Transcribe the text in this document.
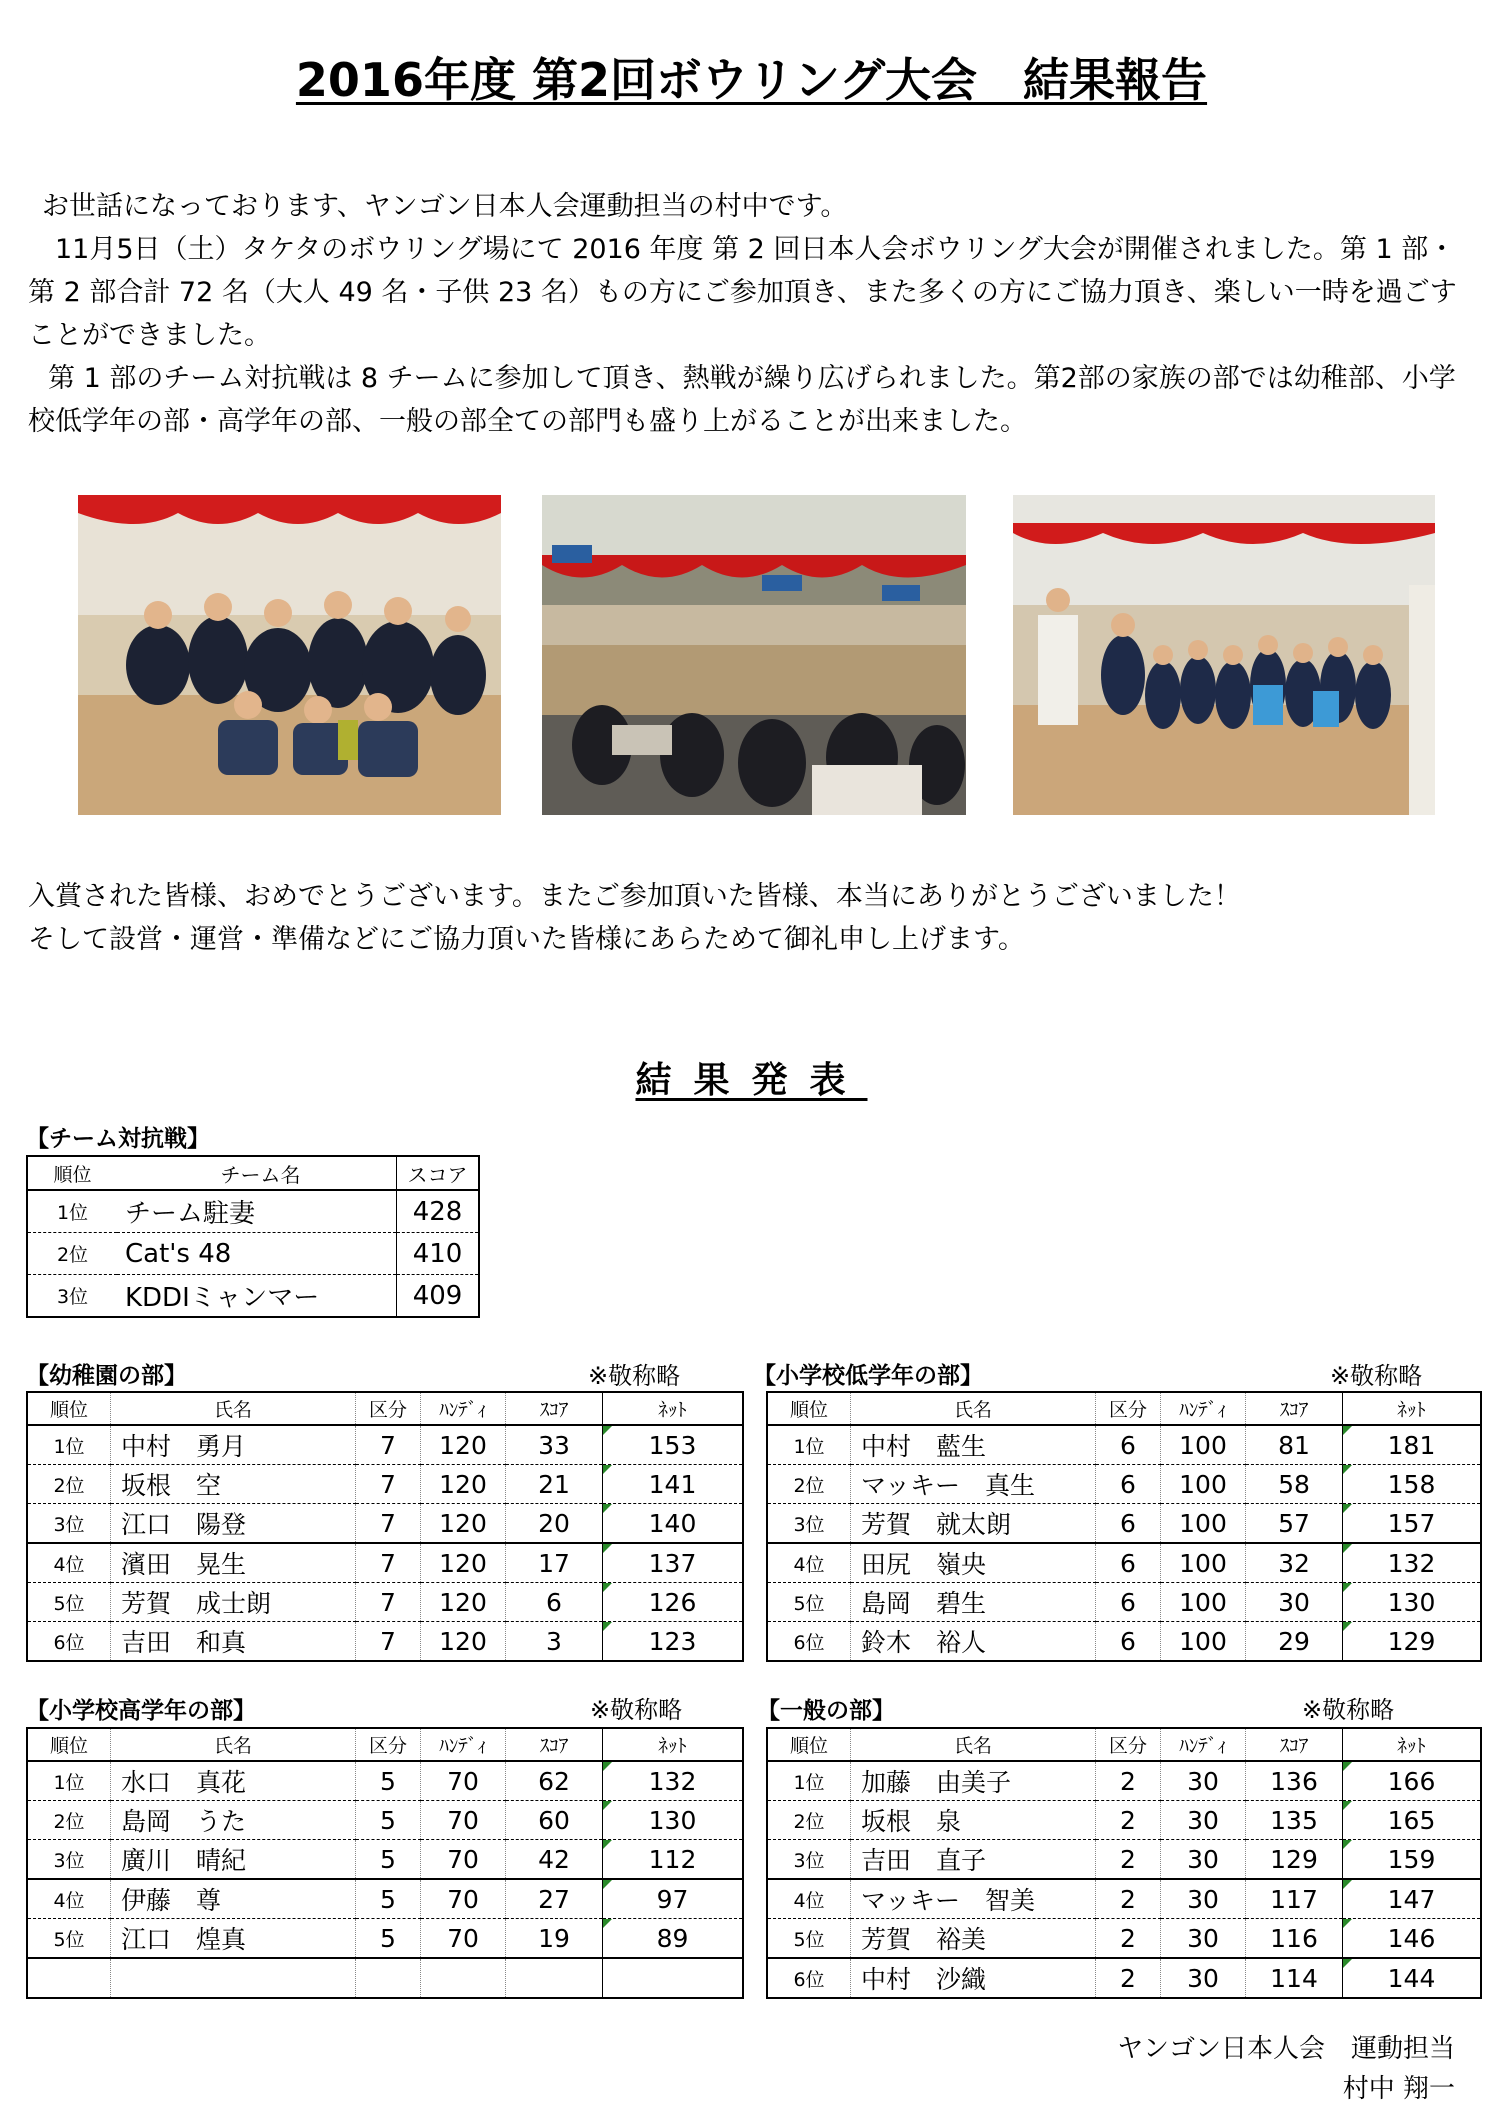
2016年度 第2回ボウリング大会　結果報告

お世話になっております、ヤンゴン日本人会運動担当の村中です。

　11月5日（土）タケタのボウリング場にて 2016 年度 第 2 回日本人会ボウリング大会が開催されました。第 1 部・第 2 部合計 72 名（大人 49 名・子供 23 名）もの方にご参加頂き、また多くの方にご協力頂き、楽しい一時を過ごすことができました。

第 1 部のチーム対抗戦は 8 チームに参加して頂き、熱戦が繰り広げられました。第2部の家族の部では幼稚部、小学校低学年の部・高学年の部、一般の部全ての部門も盛り上がることが出来ました。

入賞された皆様、おめでとうございます。またご参加頂いた皆様、本当にありがとうございました！

そして設営・運営・準備などにご協力頂いた皆様にあらためて御礼申し上げます。

結果発表
【チーム対抗戦】
順位	チーム名	スコア
1位	チーム駐妻	428
2位	Cat's 48	410
3位	KDDIミャンマー	409
【幼稚園の部】	※敬称略
順位	氏名	区分	ﾊﾝﾃﾞｨ	ｽｺｱ	ﾈｯﾄ
1位	中村　勇月	7	120	33	153
2位	坂根　空	7	120	21	141
3位	江口　陽登	7	120	20	140
4位	濱田　晃生	7	120	17	137
5位	芳賀　成士朗	7	120	6	126
6位	吉田　和真	7	120	3	123
【小学校低学年の部】	※敬称略
順位	氏名	区分	ﾊﾝﾃﾞｨ	ｽｺｱ	ﾈｯﾄ
1位	中村　藍生	6	100	81	181
2位	マッキー　真生	6	100	58	158
3位	芳賀　就太朗	6	100	57	157
4位	田尻　嶺央	6	100	32	132
5位	島岡　碧生	6	100	30	130
6位	鈴木　裕人	6	100	29	129
【小学校高学年の部】	※敬称略
順位	氏名	区分	ﾊﾝﾃﾞｨ	ｽｺｱ	ﾈｯﾄ
1位	水口　真花	5	70	62	132
2位	島岡　うた	5	70	60	130
3位	廣川　晴紀	5	70	42	112
4位	伊藤　尊	5	70	27	97
5位	江口　煌真	5	70	19	89

【一般の部】	※敬称略
順位	氏名	区分	ﾊﾝﾃﾞｨ	ｽｺｱ	ﾈｯﾄ
1位	加藤　由美子	2	30	136	166
2位	坂根　泉	2	30	135	165
3位	吉田　直子	2	30	129	159
4位	マッキー　智美	2	30	117	147
5位	芳賀　裕美	2	30	116	146
6位	中村　沙織	2	30	114	144
ヤンゴン日本人会　運動担当
村中 翔一
